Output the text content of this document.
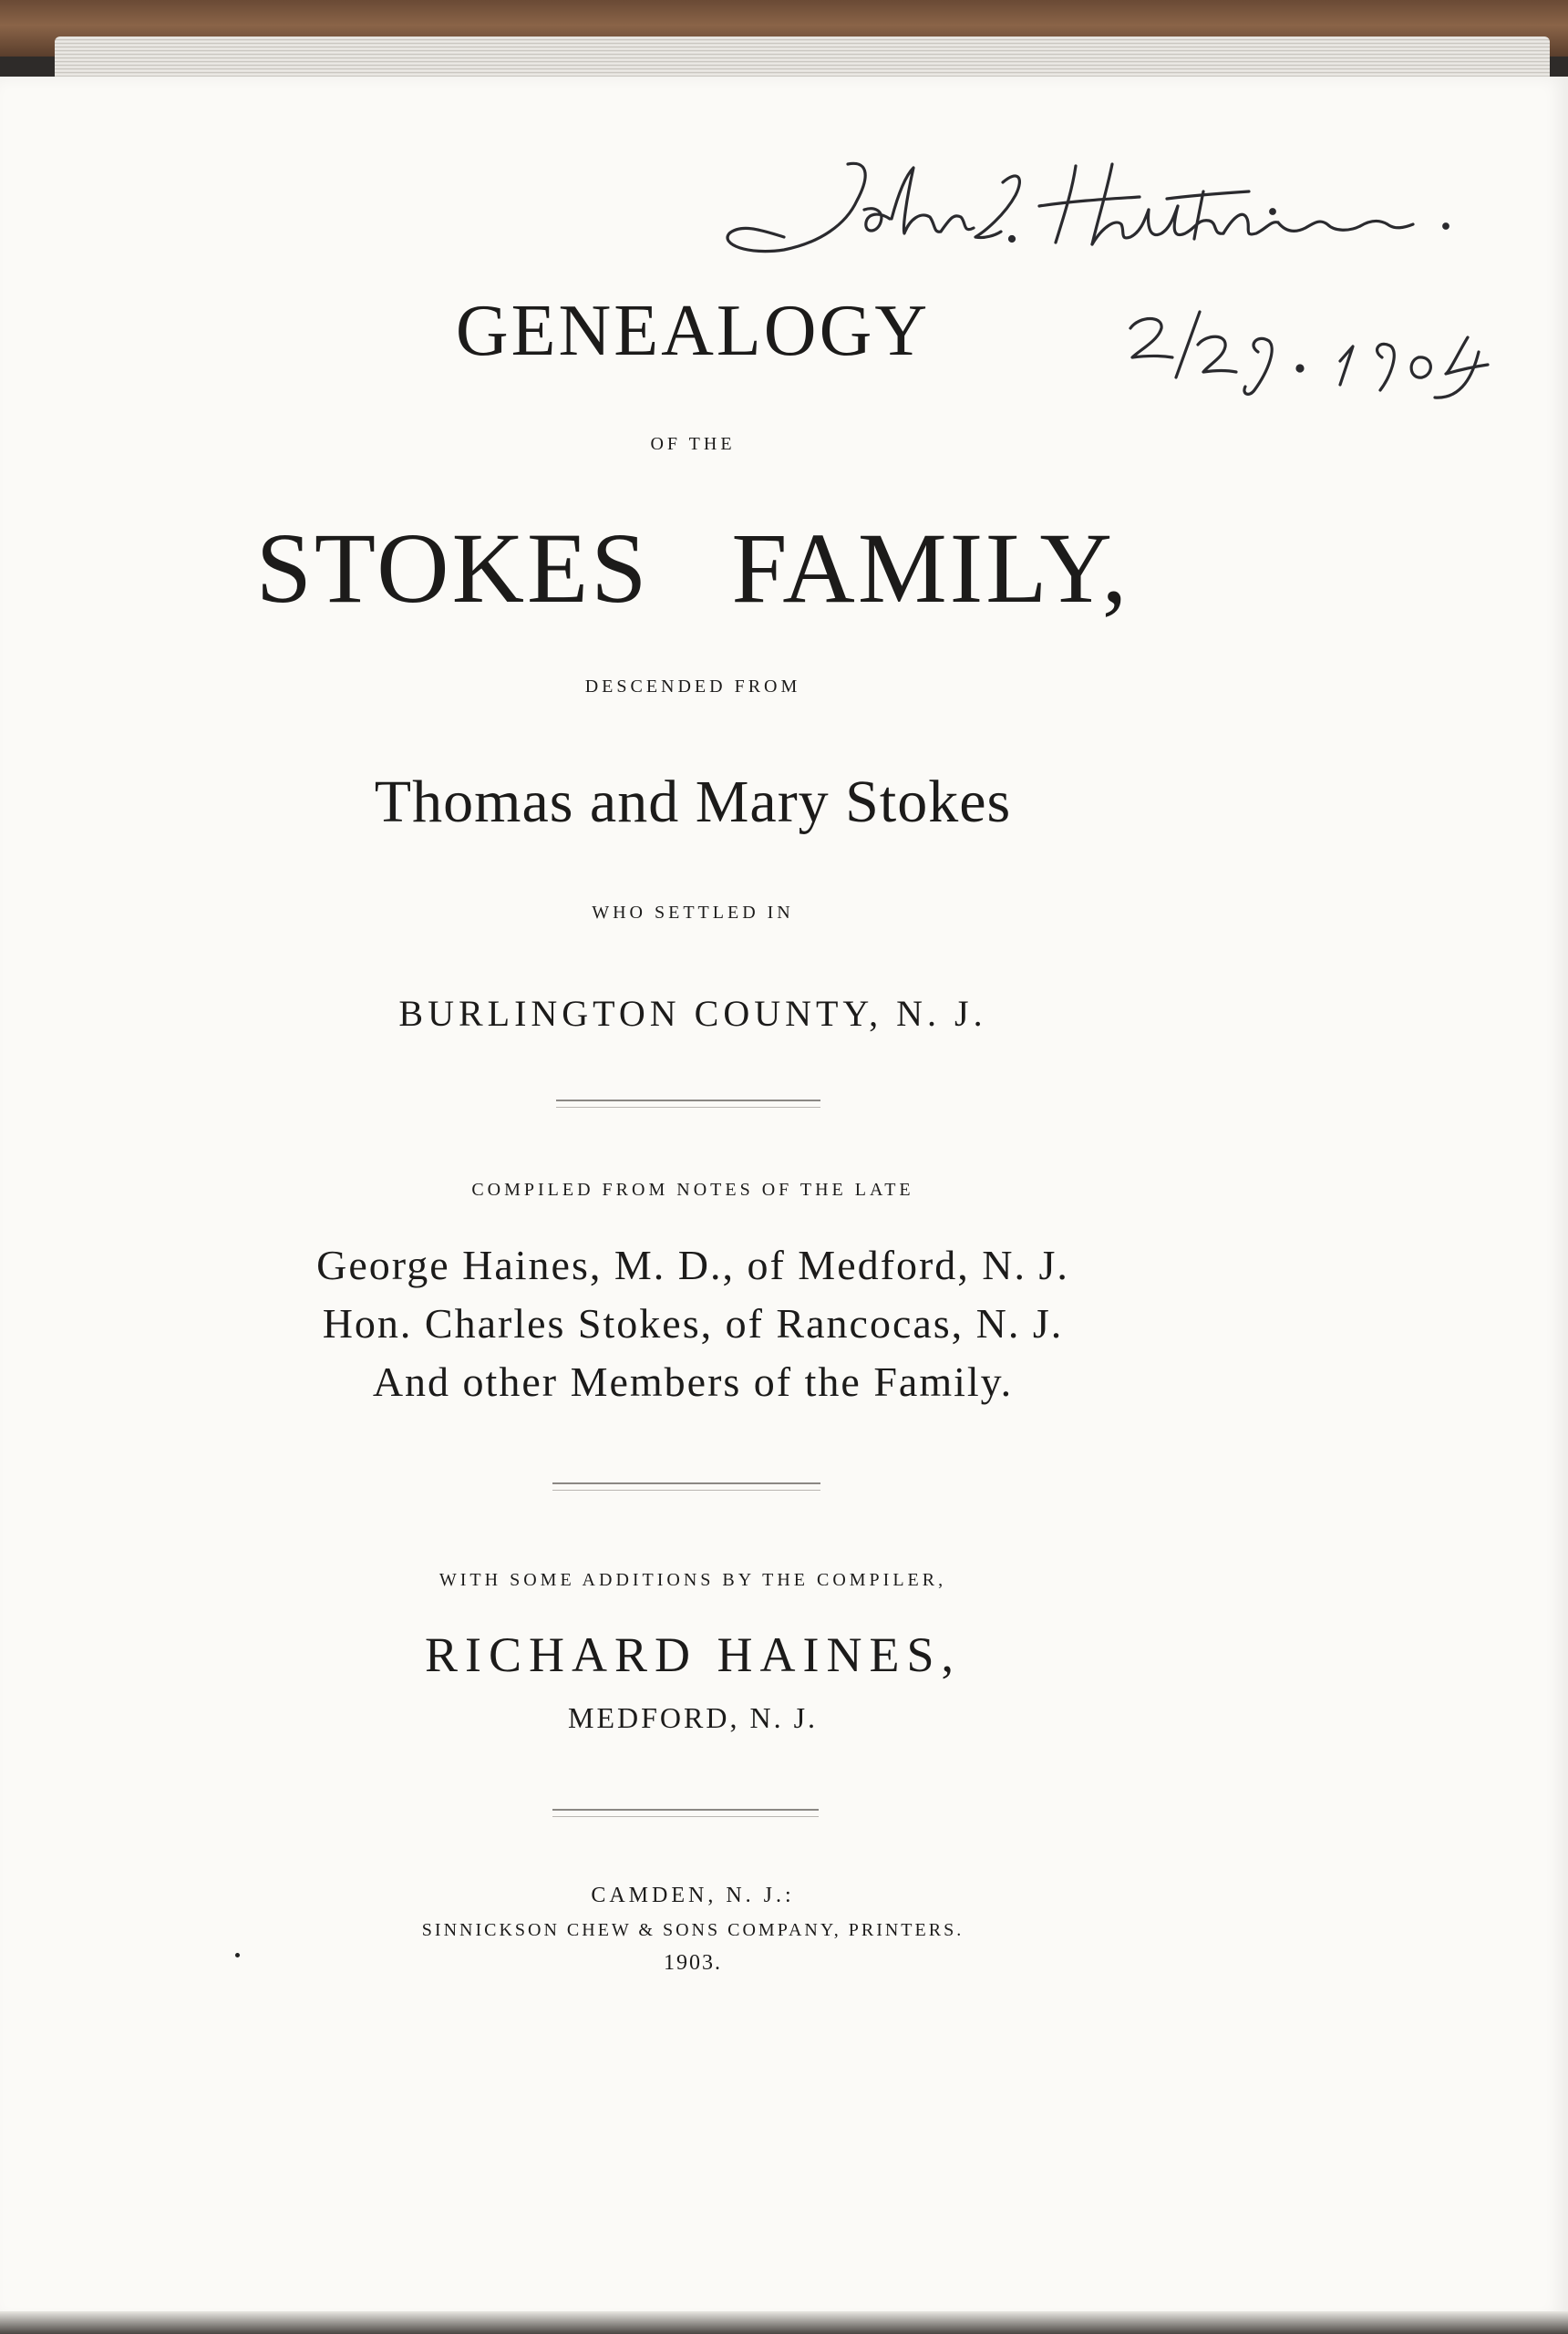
GENEALOGY
OF THE
STOKES FAMILY,
DESCENDED FROM
Thomas and Mary Stokes
WHO SETTLED IN
BURLINGTON COUNTY, N. J.
COMPILED FROM NOTES OF THE LATE
George Haines, M. D., of Medford, N. J.
Hon. Charles Stokes, of Rancocas, N. J.
And other Members of the Family.
WITH SOME ADDITIONS BY THE COMPILER,
RICHARD HAINES,
MEDFORD, N. J.
CAMDEN, N. J.:
SINNICKSON CHEW & SONS COMPANY, PRINTERS.
1903.
